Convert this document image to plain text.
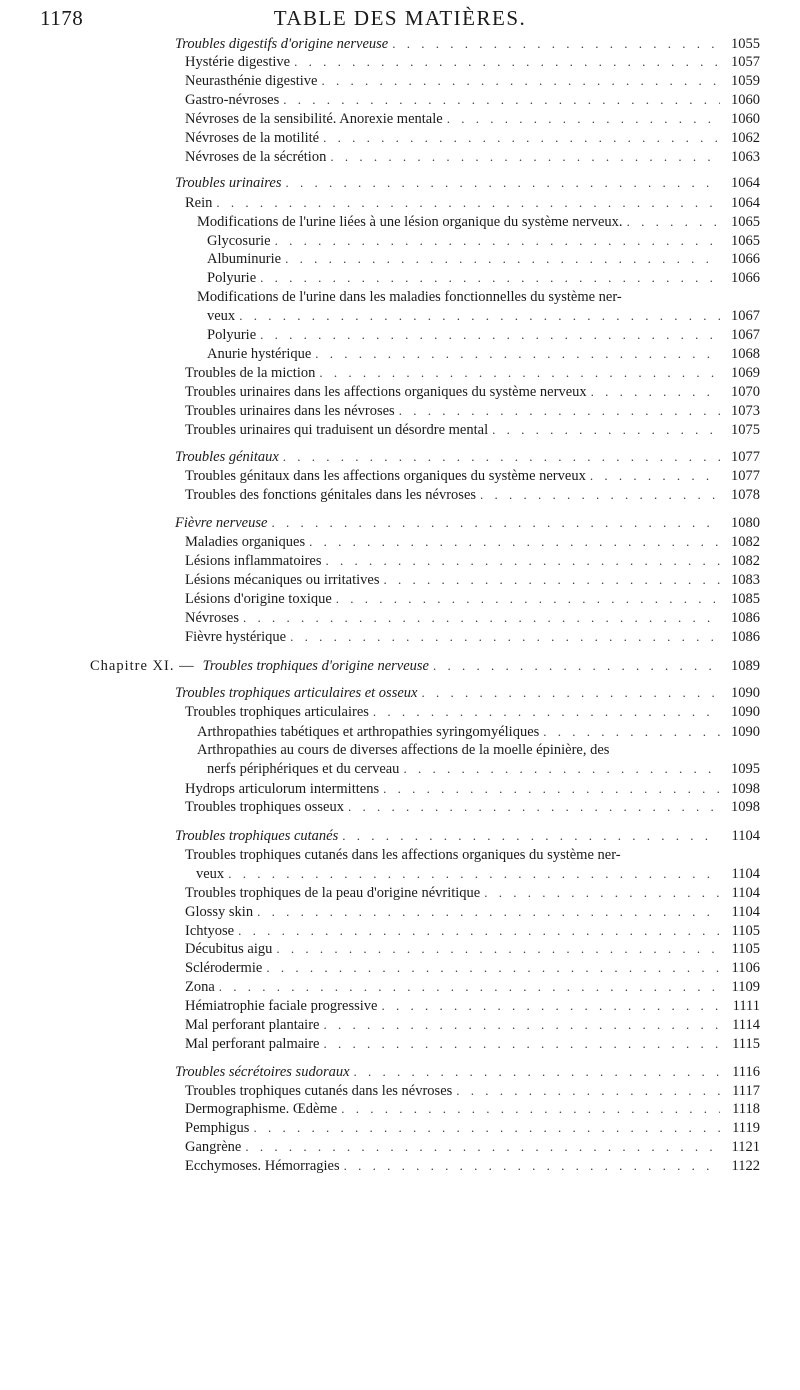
1178	TABLE DES MATIÈRES.
Troubles digestifs d'origine nerveuse . . .	1055
Hystérie digestive . . .	1057
Neurasthénie digestive . . .	1059
Gastro-névroses . . .	1060
Névroses de la sensibilité. Anorexie mentale . . .	1060
Névroses de la motilité . . .	1062
Névroses de la sécrétion . . .	1063
Troubles urinaires . . .	1064
Rein . . .	1064
Modifications de l'urine liées à une lésion organique du système nerveux. . . .	1065
Glycosurie . . .	1065
Albuminurie . . .	1066
Polyurie . . .	1066
Modifications de l'urine dans les maladies fonctionnelles du système ner-
veux . . .	1067
Polyurie . . .	1067
Anurie hystérique . . .	1068
Troubles de la miction . . .	1069
Troubles urinaires dans les affections organiques du système nerveux . . .	1070
Troubles urinaires dans les névroses . . .	1073
Troubles urinaires qui traduisent un désordre mental . . .	1075
Troubles génitaux . . .	1077
Troubles génitaux dans les affections organiques du système nerveux . . .	1077
Troubles des fonctions génitales dans les névroses . . .	1078
Fièvre nerveuse . . .	1080
Maladies organiques . . .	1082
Lésions inflammatoires . . .	1082
Lésions mécaniques ou irritatives . . .	1083
Lésions d'origine toxique . . .	1085
Névroses . . .	1086
Fièvre hystérique . . .	1086
Chapitre XI. — Troubles trophiques d'origine nerveuse . . .	1089
Troubles trophiques articulaires et osseux . . .	1090
Troubles trophiques articulaires . . .	1090
Arthropathies tabétiques et arthropathies syringomyéliques . . .	1090
Arthropathies au cours de diverses affections de la moelle épinière, des
nerfs périphériques et du cerveau . . .	1095
Hydrops articulorum intermittens . . .	1098
Troubles trophiques osseux . . .	1098
Troubles trophiques cutanés . . .	1104
Troubles trophiques cutanés dans les affections organiques du système ner-
veux . . .	1104
Troubles trophiques de la peau d'origine névritique . . .	1104
Glossy skin . . .	1104
Ichtyose . . .	1105
Décubitus aigu . . .	1105
Sclérodermie . . .	1106
Zona . . .	1109
Hémiatrophie faciale progressive . . .	1111
Mal perforant plantaire . . .	1114
Mal perforant palmaire . . .	1115
Troubles sécrétoires sudoraux . . .	1116
Troubles trophiques cutanés dans les névroses . . .	1117
Dermographisme. Œdème . . .	1118
Pemphigus . . .	1119
Gangrène . . .	1121
Ecchymoses. Hémorragies . . .	1122
